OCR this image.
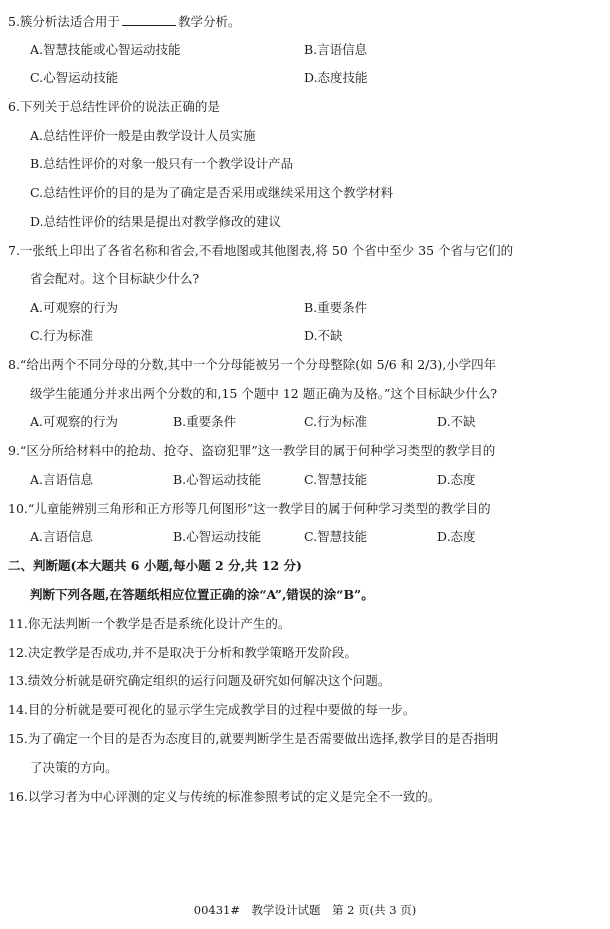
5.簇分析法适合用于	教学分析。
A.智慧技能或心智运动技能	B.言语信息
C.心智运动技能	D.态度技能
6.下列关于总结性评价的说法正确的是
A.总结性评价一般是由教学设计人员实施
B.总结性评价的对象一般只有一个教学设计产品
C.总结性评价的目的是为了确定是否采用或继续采用这个教学材料
D.总结性评价的结果是提出对教学修改的建议
7.一张纸上印出了各省名称和省会,不看地图或其他图表,将 50 个省中至少 35 个省与它们的
省会配对。这个目标缺少什么?
A.可观察的行为	B.重要条件
C.行为标准	D.不缺
8.“给出两个不同分母的分数,其中一个分母能被另一个分母整除(如 5/6 和 2/3),小学四年
级学生能通分并求出两个分数的和,15 个题中 12 题正确为及格。”这个目标缺少什么?
A.可观察的行为	B.重要条件	C.行为标准	D.不缺
9.“区分所给材料中的抢劫、抢夺、盗窃犯罪”这一教学目的属于何种学习类型的教学目的
A.言语信息	B.心智运动技能	C.智慧技能	D.态度
10.“儿童能辨别三角形和正方形等几何图形”这一教学目的属于何种学习类型的教学目的
A.言语信息	B.心智运动技能	C.智慧技能	D.态度
二、判断题(本大题共 6 小题,每小题 2 分,共 12 分)
判断下列各题,在答题纸相应位置正确的涂“A”,错误的涂“B”。
11.你无法判断一个教学是否是系统化设计产生的。
12.决定教学是否成功,并不是取决于分析和教学策略开发阶段。
13.绩效分析就是研究确定组织的运行问题及研究如何解决这个问题。
14.目的分析就是要可视化的显示学生完成教学目的过程中要做的每一步。
15.为了确定一个目的是否为态度目的,就要判断学生是否需要做出选择,教学目的是否指明
了决策的方向。
16.以学习者为中心评测的定义与传统的标准参照考试的定义是完全不一致的。
00431#　教学设计试题　第 2 页(共 3 页)
